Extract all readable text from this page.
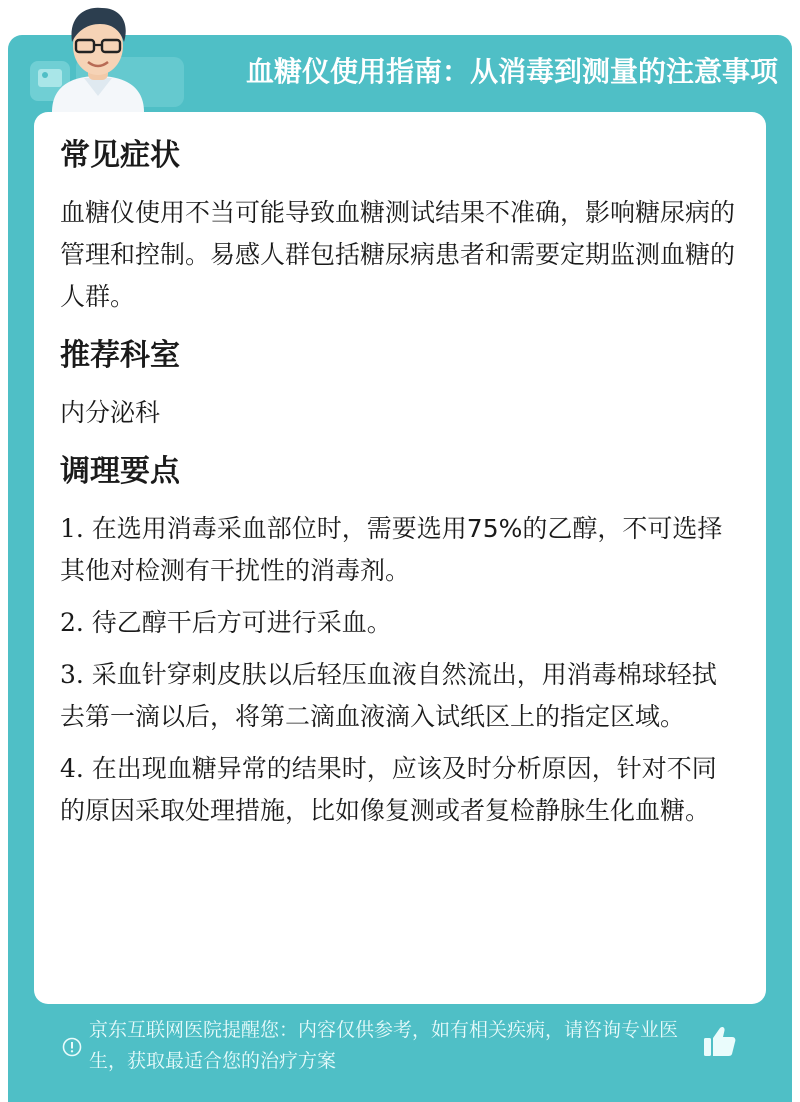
血糖仪使用指南：从消毒到测量的注意事项
常见症状
血糖仪使用不当可能导致血糖测试结果不准确，影响糖尿病的管理和控制。易感人群包括糖尿病患者和需要定期监测血糖的人群。
推荐科室
内分泌科
调理要点
1. 在选用消毒采血部位时，需要选用75%的乙醇，不可选择其他对检测有干扰性的消毒剂。
2. 待乙醇干后方可进行采血。
3. 采血针穿刺皮肤以后轻压血液自然流出，用消毒棉球轻拭去第一滴以后，将第二滴血液滴入试纸区上的指定区域。
4. 在出现血糖异常的结果时，应该及时分析原因，针对不同的原因采取处理措施，比如像复测或者复检静脉生化血糖。
京东互联网医院提醒您：内容仅供参考，如有相关疾病，请咨询专业医生，获取最适合您的治疗方案
